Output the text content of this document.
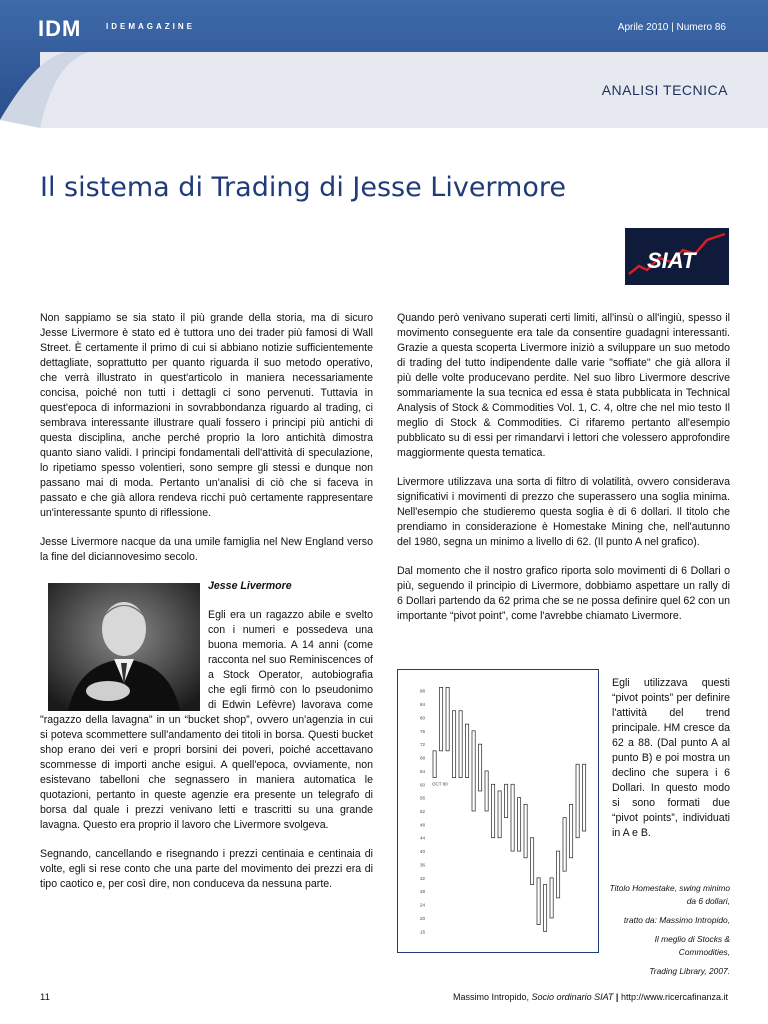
IDM	IDEMAGAZINE	Aprile 2010 | Numero 86
ANALISI TECNICA
Il sistema di Trading di Jesse Livermore
SIAT

Non sappiamo se sia stato il più grande della storia, ma di sicuro Jesse Livermore è stato ed è tuttora uno dei trader più famosi di Wall Street. È certamente il primo di cui si abbiano notizie sufficientemente dettagliate, soprattutto per quanto riguarda il suo metodo operativo, che verrà illustrato in quest'articolo in maniera necessariamente concisa, poiché non tutti i dettagli ci sono pervenuti. Tuttavia in quest'epoca di informazioni in sovrabbondanza riguardo al trading, ci sembrava interessante illustrare quali fossero i principi più antichi di questa disciplina, anche perché proprio la loro antichità dimostra quanto siano validi. I principi fondamentali dell'attività di speculazione, lo ripetiamo spesso volentieri, sono sempre gli stessi e dunque non passano mai di moda. Pertanto un'analisi di ciò che si faceva in passato e che già allora rendeva ricchi può certamente rappresentare un'interessante spunto di riflessione.

Jesse Livermore nacque da una umile famiglia nel New England verso la fine del diciannovesimo secolo.

Jesse Livermore

Egli era un ragazzo abile e svelto con i numeri e possedeva una buona memoria. A 14 anni (come racconta nel suo Reminiscences of a Stock Operator, autobiografia che egli firmò con lo pseudonimo di Edwin Lefèvre) lavorava come "ragazzo della lavagna" in un “bucket shop”, ovvero un'agenzia in cui si poteva scommettere sull'andamento dei titoli in borsa. Questi bucket shop erano dei veri e propri borsini dei poveri, poiché accettavano scommesse di importi anche esigui. A quell'epoca, ovviamente, non esistevano tabelloni che segnassero in maniera automatica le quotazioni, pertanto in queste agenzie era presente un telegrafo di borsa dal quale i prezzi venivano letti e trascritti su una grande lavagna. Questo era proprio il lavoro che Livermore svolgeva.

Segnando, cancellando e risegnando i prezzi centinaia e centinaia di volte, egli si rese conto che una parte del movimento dei prezzi era di tipo caotico e, per così dire, non conduceva da nessuna parte.

Quando però venivano superati certi limiti, all'insù o all'ingiù, spesso il movimento conseguente era tale da consentire guadagni interessanti. Grazie a questa scoperta Livermore iniziò a sviluppare un suo metodo di trading del tutto indipendente dalle varie "soffiate" che già allora il più delle volte producevano perdite. Nel suo libro Livermore descrive sommariamente la sua tecnica ed essa è stata pubblicata in Technical Analysis of Stock & Commodities Vol. 1, C. 4, oltre che nel mio testo Il meglio di Stock & Commodities. Ci rifaremo pertanto all'esempio pubblicato su di essi per rimandarvi i lettori che volessero approfondire maggiormente questa tematica.

Livermore utilizzava una sorta di filtro di volatilità, ovvero considerava significativi i movimenti di prezzo che superassero una soglia minima. Nell'esempio che studieremo questa soglia è di 6 dollari. Il titolo che prendiamo in considerazione è Homestake Mining che, nell'autunno del 1980, segna un minimo a livello di 62. (Il punto A nel grafico).

Dal momento che il nostro grafico riporta solo movimenti di 6 Dollari o più, seguendo il principio di Livermore, dobbiamo aspettare un rally di 6 Dollari partendo da 62 prima che se ne possa definire quel 62 con un importante “pivot point”, come l'avrebbe chiamato Livermore.

88
84
80
76
72
68
64
60
56
52
48
44
40
36
32
28
24
20
16
OCT 80
Egli utilizzava questi “pivot points” per definire l'attività del trend principale. HM cresce da 62 a 88. (Dal punto A al punto B) e poi mostra un declino che supera i 6 Dollari. In questo modo si sono formati due “pivot points”, individuati in A e B.
Titolo Homestake, swing minimo da 6 dollari,
tratto da: Massimo Intropido,
Il meglio di Stocks & Commodities,
Trading Library, 2007.
11	Massimo Intropido, Socio ordinario SIAT | http://www.ricercafinanza.it
